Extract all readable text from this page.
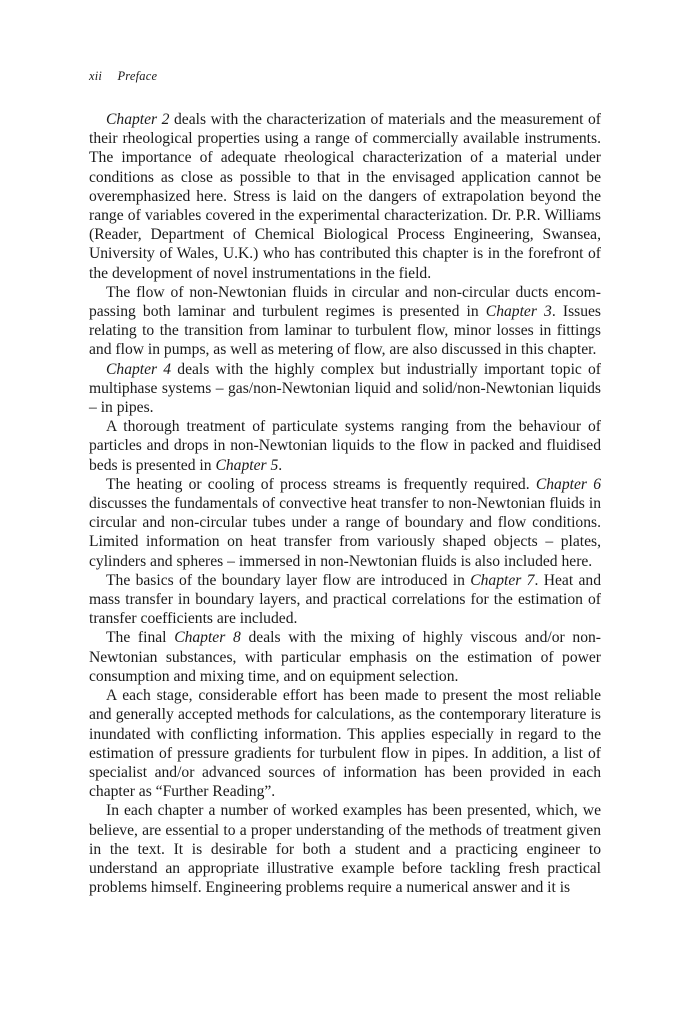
xii Preface

Chapter 2 deals with the characterization of materials and the measurement of their rheological properties using a range of commercially available instruments. The importance of adequate rheological characterization of a material under conditions as close as possible to that in the envisaged application cannot be overemphasized here. Stress is laid on the dangers of extrapolation beyond the range of variables covered in the experimental characterization. Dr. P.R. Williams (Reader, Department of Chemical Biological Process Engineering, Swansea, University of Wales, U.K.) who has contributed this chapter is in the forefront of the development of novel instrumentations in the field.

The flow of non-Newtonian fluids in circular and non-circular ducts encompassing both laminar and turbulent regimes is presented in Chapter 3. Issues relating to the transition from laminar to turbulent flow, minor losses in fittings and flow in pumps, as well as metering of flow, are also discussed in this chapter.

Chapter 4 deals with the highly complex but industrially important topic of multiphase systems – gas/non-Newtonian liquid and solid/non-Newtonian liquids – in pipes.

A thorough treatment of particulate systems ranging from the behaviour of particles and drops in non-Newtonian liquids to the flow in packed and fluidised beds is presented in Chapter 5.

The heating or cooling of process streams is frequently required. Chapter 6 discusses the fundamentals of convective heat transfer to non-Newtonian fluids in circular and non-circular tubes under a range of boundary and flow conditions. Limited information on heat transfer from variously shaped objects – plates, cylinders and spheres – immersed in non-Newtonian fluids is also included here.

The basics of the boundary layer flow are introduced in Chapter 7. Heat and mass transfer in boundary layers, and practical correlations for the estimation of transfer coefficients are included.

The final Chapter 8 deals with the mixing of highly viscous and/or non-Newtonian substances, with particular emphasis on the estimation of power consumption and mixing time, and on equipment selection.

A each stage, considerable effort has been made to present the most reliable and generally accepted methods for calculations, as the contemporary literature is inundated with conflicting information. This applies especially in regard to the estimation of pressure gradients for turbulent flow in pipes. In addition, a list of specialist and/or advanced sources of information has been provided in each chapter as “Further Reading”.

In each chapter a number of worked examples has been presented, which, we believe, are essential to a proper understanding of the methods of treatment given in the text. It is desirable for both a student and a practicing engineer to understand an appropriate illustrative example before tackling fresh practical problems himself. Engineering problems require a numerical answer and it is
